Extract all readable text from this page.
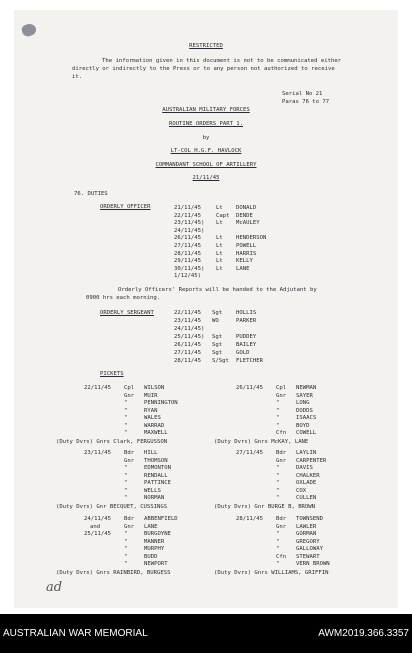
RESTRICTED
The information given in this document is not to be communicated either
directly or indirectly to the Press or to any person not authorized to receive
it.
Serial No 21
Paras 76 to 77
AUSTRALIAN MILITARY FORCES
ROUTINE ORDERS PART 1.
by
LT-COL H.G.F. HAVLOCK
COMMANDANT SCHOOL OF ARTILLERY
21/11/45
76. DUTIES
ORDERLY OFFICER	21/11/45	Lt DONALD
22/11/45	Capt DENDE
23/11/45) Lt McAULEY
24/11/45)
26/11/45	Lt HENDERSON
27/11/45	Lt POWELL
28/11/45	Lt HARRIS
29/11/45	Lt KELLY
30/11/45) Lt LANE
1/12/45)
Orderly Officers' Reports will be handed to the Adjutant by
0900 hrs each morning.
ORDERLY SERGEANT	22/11/45 Sgt HOLLIS
23/11/45 WO	PARKER
24/11/45)
25/11/45) Sgt PUDDEY
26/11/45 Sgt BAILEY
27/11/45 Sgt GOLD
28/11/45 S/Sgt FLETCHER
PICKETS
22/11/45 Cpl WILSON
Gnr MUIR
"	PENNINGTON
"	RYAN
"	WALES
"	WARRAD
"	MAXWELL
(Duty Dvrs) Gnrs Clark, FERGUSSON
23/11/45 Bdr HILL
Gnr THOMSON
"	EDMONTON
"	RENDALL
"	PATTINCE
"	WELLS
"	NORMAN
(Duty Dvrs) Gnr BECQUET, CUSSINGS
24/11/45
and
25/11/45
Bdr ABBENFIELD
Gnr LANE
"	BURGOYNE
"	MANNER
"	MURPHY
"	BUDD
"	NEWPORT
(Duty Dvrs) Gnrs RAINBIRD, BURGESS
26/11/45 Cpl NEWMAN
Gnr SAYER
"	LONG
"	DODDS
"	ISAACS
"	BOYD
Cfn COWELL
(Duty Dvrs) Gnrs McKAY, LANE
27/11/45 Bdr LAYLIN
Gnr CARPENTER
"	DAVIS
"	CHALKER
"	OXLADE
"	COX
"	CULLEN
(Duty Dvrs) Gnr BURGE B, BROWN
28/11/45 Bdr TOWNSEND
Gnr LAWLER
"	GORMAN
"	GREGORY
"	GALLOWAY
Cfn STEWART
"	VERN BROWN
(Duty Dvrs) Gnrs WILLIAMS, GRIFFIN
ad
AUSTRALIAN WAR MEMORIAL	AWM2019.366.3357
